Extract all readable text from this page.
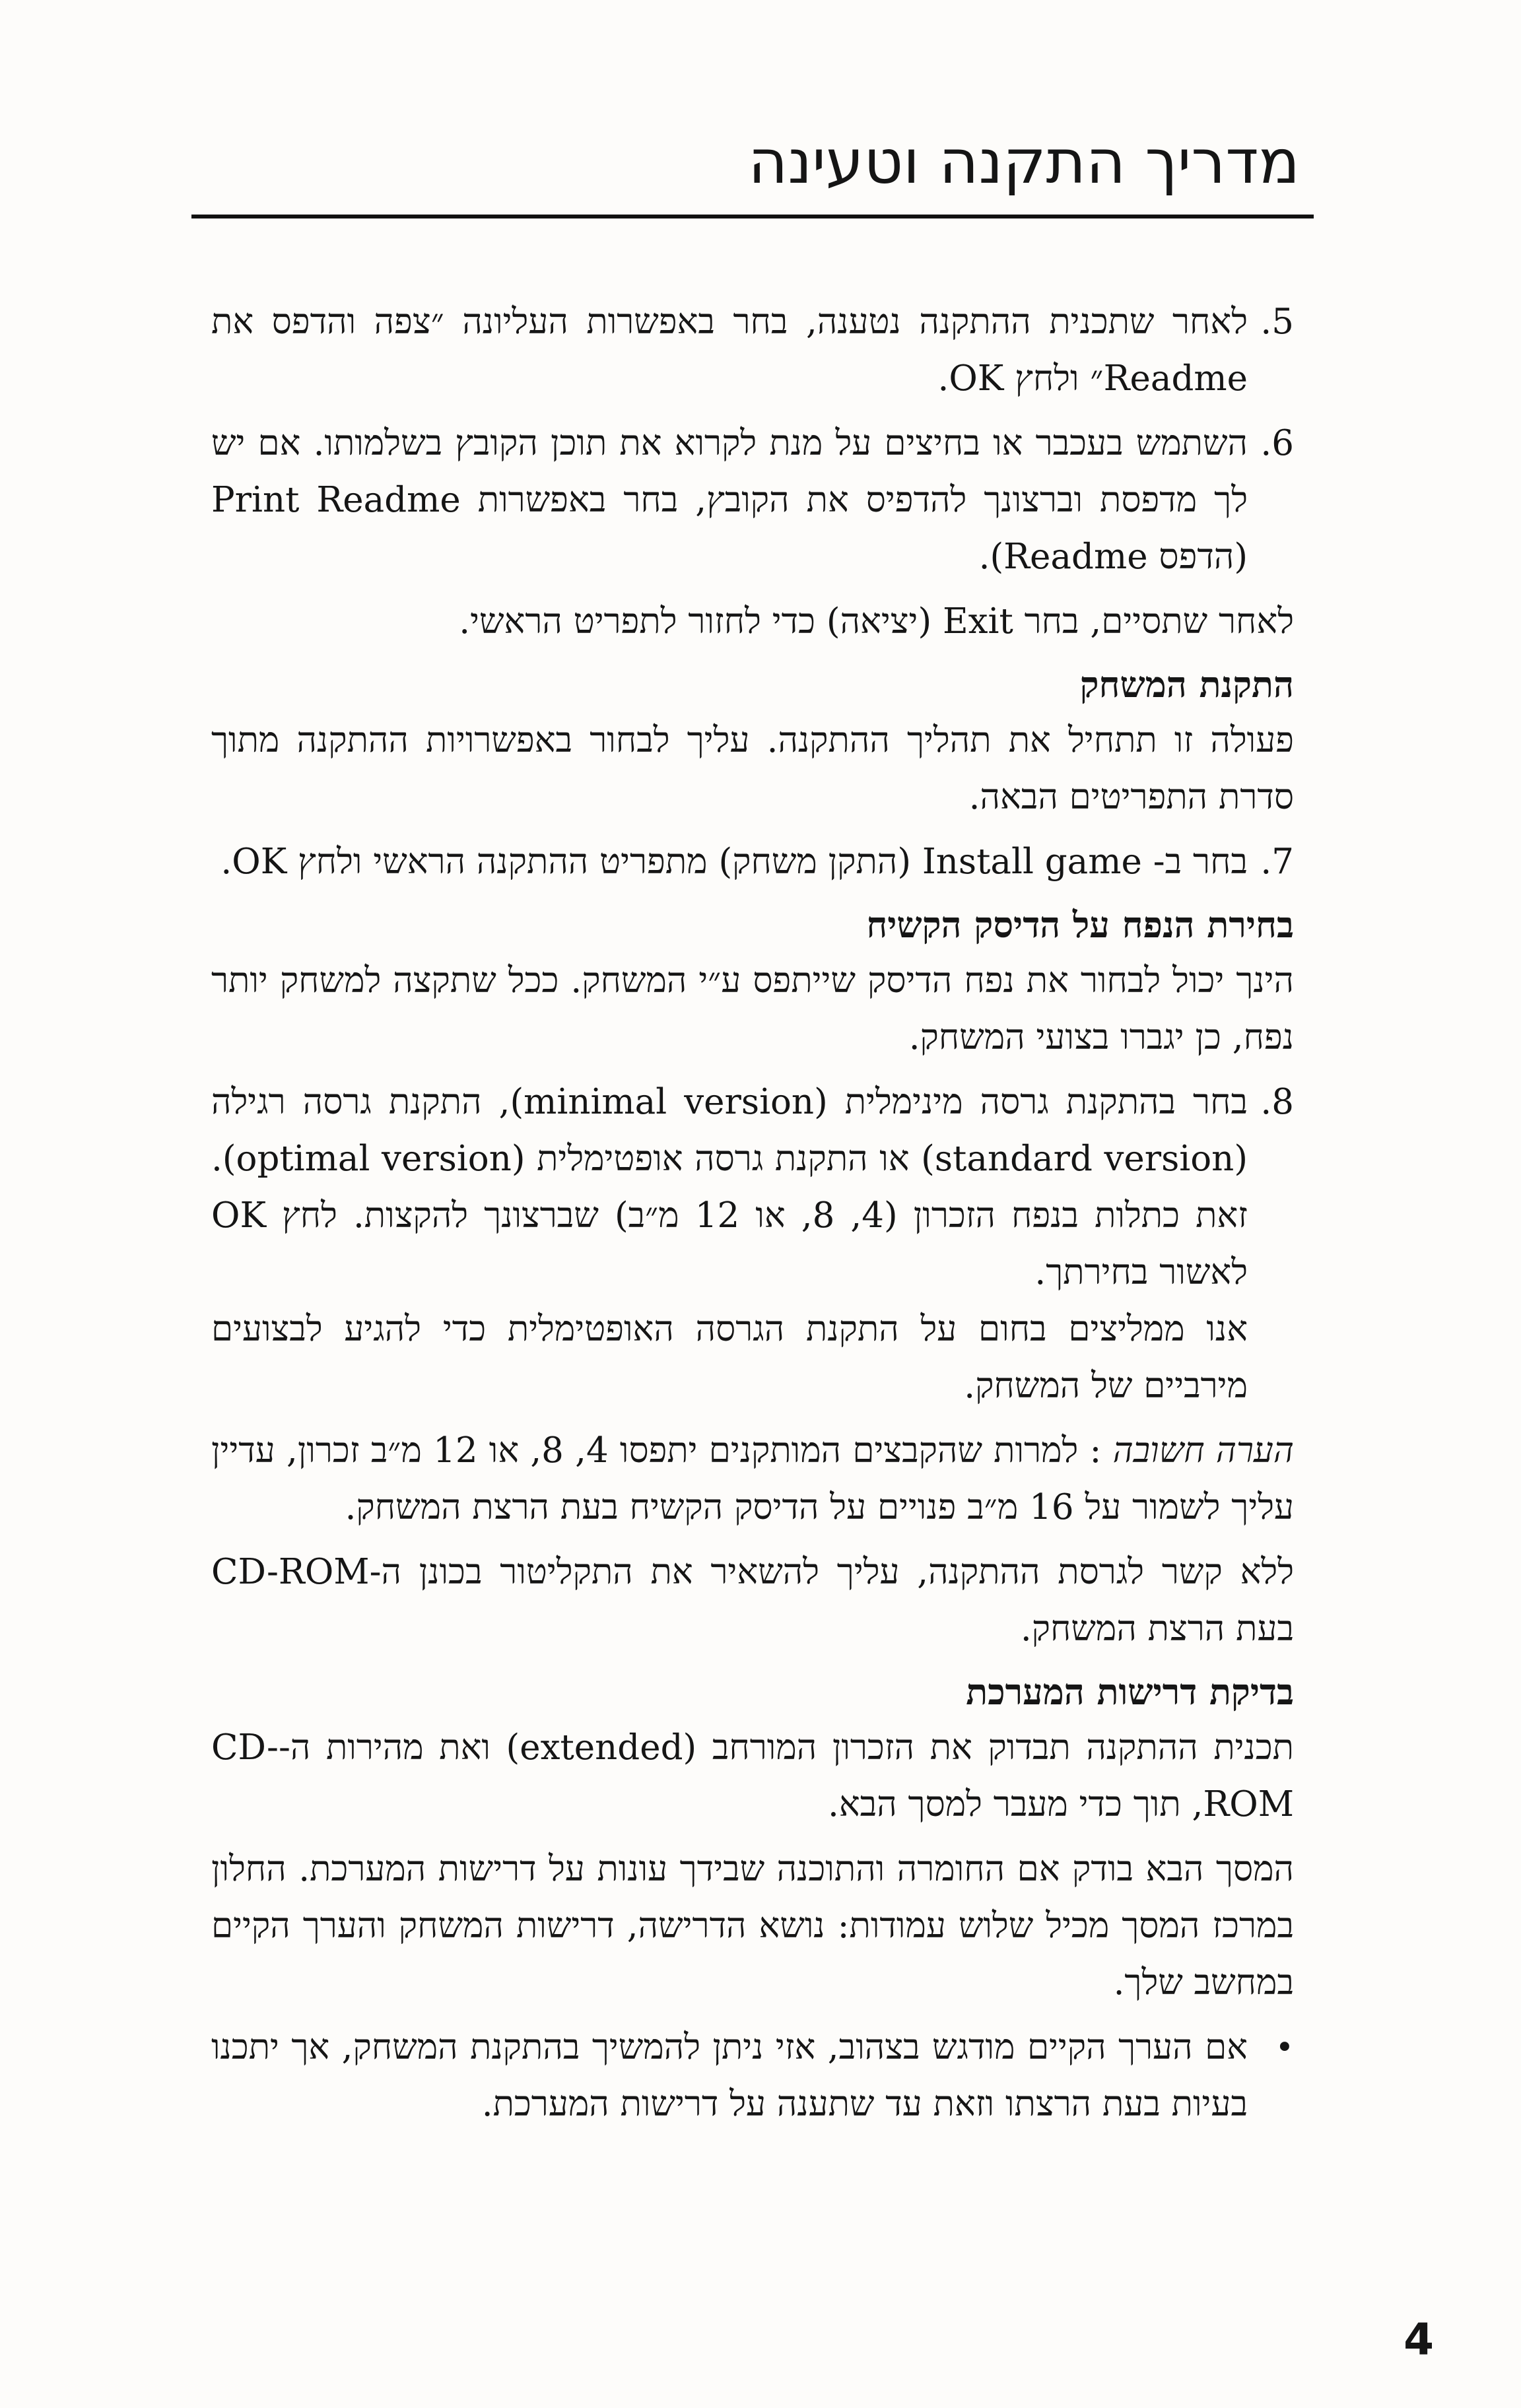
מדריך התקנה וטעינה
5.
לאחר שתכנית ההתקנה נטענה, בחר באפשרות העליונה ״צפה והדפס את Readme״ ולחץ OK.
6.
השתמש בעכבר או בחיצים על מנת לקרוא את תוכן הקובץ בשלמותו. אם יש לך מדפסת וברצונך להדפיס את הקובץ, בחר באפשרות Print Readme (הדפס Readme).

לאחר שתסיים, בחר Exit (יציאה) כדי לחזור לתפריט הראשי.

התקנת המשחק

פעולה זו תתחיל את תהליך ההתקנה. עליך לבחור באפשרויות ההתקנה מתוך סדרת התפריטים הבאה.

7.
בחר ב- Install game (התקן משחק) מתפריט ההתקנה הראשי ולחץ OK.
בחירת הנפח על הדיסק הקשיח

הינך יכול לבחור את נפח הדיסק שייתפס ע״י המשחק. ככל שתקצה למשחק יותר נפח, כן יגברו בצועי המשחק.

8.

בחר בהתקנת גרסה מינימלית (minimal version), התקנת גרסה רגילה (standard version) או התקנת גרסה אופטימלית (optimal version). זאת כתלות בנפח הזכרון (4, 8, או 12 מ״ב) שברצונך להקצות. לחץ OK לאשור בחירתך.

אנו ממליצים בחום על התקנת הגרסה האופטימלית כדי להגיע לבצועים מירביים של המשחק.

הערה חשובה : למרות שהקבצים המותקנים יתפסו 4, 8, או 12 מ״ב זכרון, עדיין עליך לשמור על 16 מ״ב פנויים על הדיסק הקשיח בעת הרצת המשחק.

ללא קשר לגרסת ההתקנה, עליך להשאיר את התקליטור בכונן ה-CD-ROM בעת הרצת המשחק.

בדיקת דרישות המערכת

תכנית ההתקנה תבדוק את הזכרון המורחב (extended) ואת מהירות ה-CD-ROM, תוך כדי מעבר למסך הבא.

המסך הבא בודק אם החומרה והתוכנה שבידך עונות על דרישות המערכת. החלון במרכז המסך מכיל שלוש עמודות: נושא הדרישה, דרישות המשחק והערך הקיים במחשב שלך.

•
אם הערך הקיים מודגש בצהוב, אזי ניתן להמשיך בהתקנת המשחק, אך יתכנו בעיות בעת הרצתו וזאת עד שתענה על דרישות המערכת.
4
